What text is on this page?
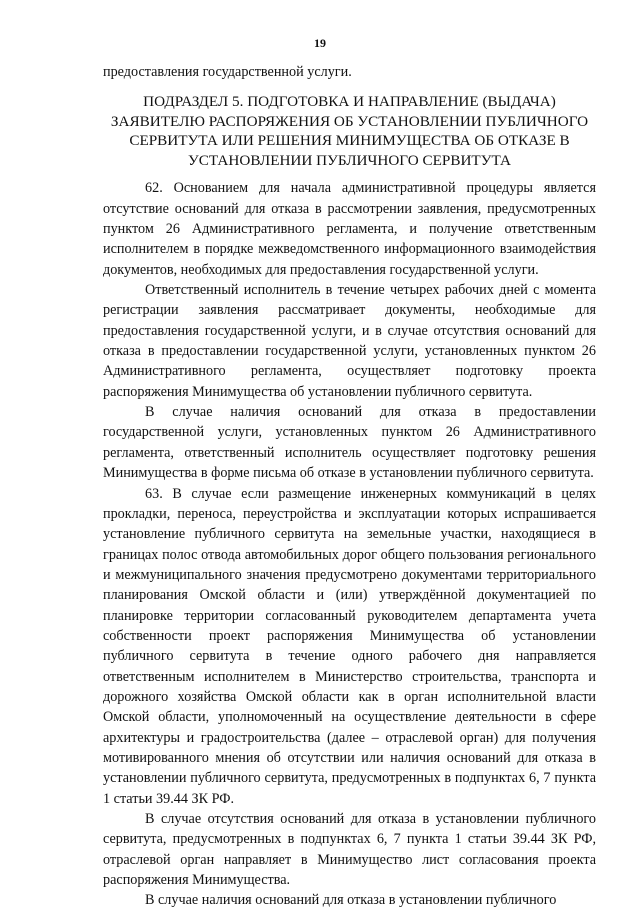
19

предоставления государственной услуги.

ПОДРАЗДЕЛ 5. ПОДГОТОВКА И НАПРАВЛЕНИЕ (ВЫДАЧА)
ЗАЯВИТЕЛЮ РАСПОРЯЖЕНИЯ ОБ УСТАНОВЛЕНИИ ПУБЛИЧНОГО
СЕРВИТУТА ИЛИ РЕШЕНИЯ МИНИМУЩЕСТВА ОБ ОТКАЗЕ В
УСТАНОВЛЕНИИ ПУБЛИЧНОГО СЕРВИТУТА

62. Основанием для начала административной процедуры является отсутствие оснований для отказа в рассмотрении заявления, предусмотренных пунктом 26 Административного регламента, и получение ответственным исполнителем в порядке межведомственного информационного взаимодействия документов, необходимых для предоставления государственной услуги.

Ответственный исполнитель в течение четырех рабочих дней с момента регистрации заявления рассматривает документы, необходимые для предоставления государственной услуги, и в случае отсутствия оснований для отказа в предоставлении государственной услуги, установленных пунктом 26 Административного регламента, осуществляет подготовку проекта распоряжения Минимущества об установлении публичного сервитута.

В случае наличия оснований для отказа в предоставлении государственной услуги, установленных пунктом 26 Административного регламента, ответственный исполнитель осуществляет подготовку решения Минимущества в форме письма об отказе в установлении публичного сервитута.

63. В случае если размещение инженерных коммуникаций в целях прокладки, переноса, переустройства и эксплуатации которых испрашивается установление публичного сервитута на земельные участки, находящиеся в границах полос отвода автомобильных дорог общего пользования регионального и межмуниципального значения предусмотрено документами территориального планирования Омской области и (или) утверждённой документацией по планировке территории согласованный руководителем департамента учета собственности проект распоряжения Минимущества об установлении публичного сервитута в течение одного рабочего дня направляется ответственным исполнителем в Министерство строительства, транспорта и дорожного хозяйства Омской области как в орган исполнительной власти Омской области, уполномоченный на осуществление деятельности в сфере архитектуры и градостроительства (далее – отраслевой орган) для получения мотивированного мнения об отсутствии или наличия оснований для отказа в установлении публичного сервитута, предусмотренных в подпунктах 6, 7 пункта 1 статьи 39.44 ЗК РФ.

В случае отсутствия оснований для отказа в установлении публичного сервитута, предусмотренных в подпунктах 6, 7 пункта 1 статьи 39.44 ЗК РФ, отраслевой орган направляет в Минимущество лист согласования проекта распоряжения Минимущества.

В случае наличия оснований для отказа в установлении публичного
